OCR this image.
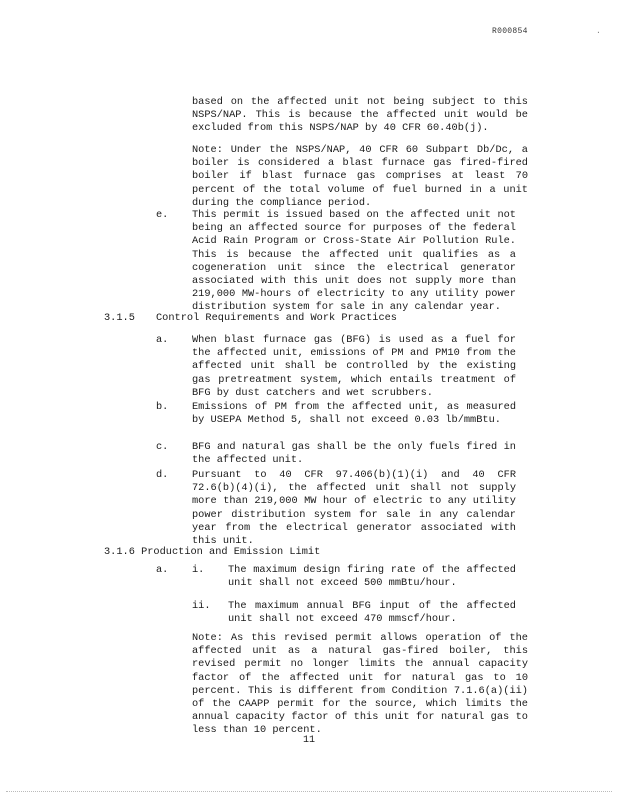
R000854	.

based on the affected unit not being subject to this NSPS/NAP. This is because the affected unit would be excluded from this NSPS/NAP by 40 CFR 60.40b(j).

Note: Under the NSPS/NAP, 40 CFR 60 Subpart Db/Dc, a boiler is considered a blast furnace gas fired-fired boiler if blast furnace gas comprises at least 70 percent of the total volume of fuel burned in a unit during the compliance period.

e. This permit is issued based on the affected unit not being an affected source for purposes of the federal Acid Rain Program or Cross-State Air Pollution Rule. This is because the affected unit qualifies as a cogeneration unit since the electrical generator associated with this unit does not supply more than 219,000 MW-hours of electricity to any utility power distribution system for sale in any calendar year.
3.1.5 Control Requirements and Work Practices
a. When blast furnace gas (BFG) is used as a fuel for the affected unit, emissions of PM and PM10 from the affected unit shall be controlled by the existing gas pretreatment system, which entails treatment of BFG by dust catchers and wet scrubbers.
b. Emissions of PM from the affected unit, as measured by USEPA Method 5, shall not exceed 0.03 lb/mmBtu.
c. BFG and natural gas shall be the only fuels fired in the affected unit.
d. Pursuant to 40 CFR 97.406(b)(1)(i) and 40 CFR 72.6(b)(4)(i), the affected unit shall not supply more than 219,000 MW hour of electric to any utility power distribution system for sale in any calendar year from the electrical generator associated with this unit.
3.1.6 Production and Emission Limit
a. i. The maximum design firing rate of the affected unit shall not exceed 500 mmBtu/hour.
ii. The maximum annual BFG input of the affected unit shall not exceed 470 mmscf/hour.

Note: As this revised permit allows operation of the affected unit as a natural gas-fired boiler, this revised permit no longer limits the annual capacity factor of the affected unit for natural gas to 10 percent. This is different from Condition 7.1.6(a)(ii) of the CAAPP permit for the source, which limits the annual capacity factor of this unit for natural gas to less than 10 percent.

11
